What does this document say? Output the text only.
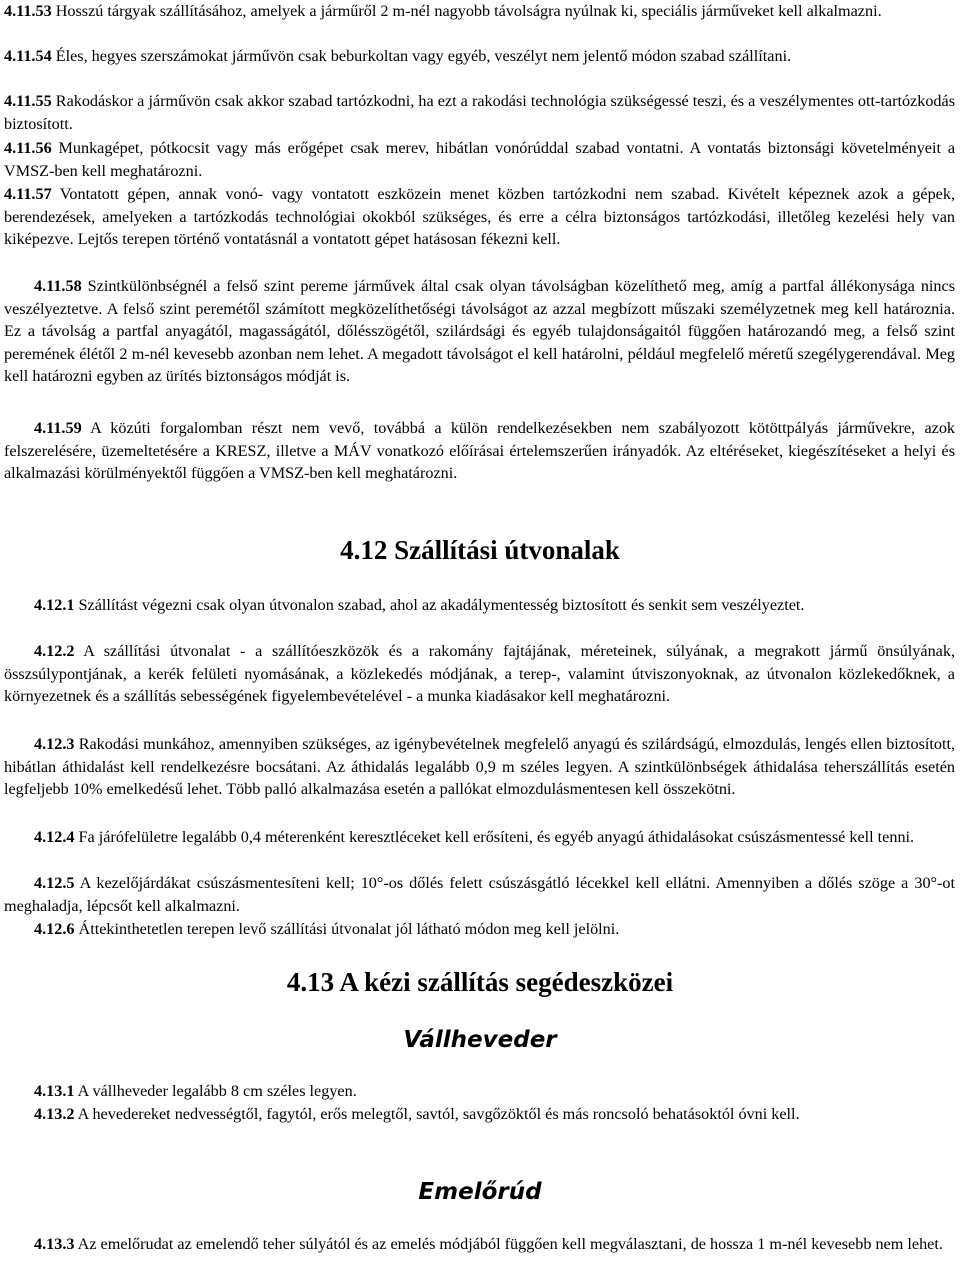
4.11.53 Hosszú tárgyak szállításához, amelyek a járműről 2 m-nél nagyobb távolságra nyúlnak ki, speciális járműveket kell alkalmazni.

4.11.54 Éles, hegyes szerszámokat járművön csak beburkoltan vagy egyéb, veszélyt nem jelentő módon szabad szállítani.

4.11.55 Rakodáskor a járművön csak akkor szabad tartózkodni, ha ezt a rakodási technológia szükségessé teszi, és a veszélymentes ott-tartózkodás biztosított.

4.11.56 Munkagépet, pótkocsit vagy más erőgépet csak merev, hibátlan vonórúddal szabad vontatni. A vontatás biztonsági követelményeit a VMSZ-ben kell meghatározni.

4.11.57 Vontatott gépen, annak vonó- vagy vontatott eszközein menet közben tartózkodni nem szabad. Kivételt képeznek azok a gépek, berendezések, amelyeken a tartózkodás technológiai okokból szükséges, és erre a célra biztonságos tartózkodási, illetőleg kezelési hely van kiképezve. Lejtős terepen történő vontatásnál a vontatott gépet hatásosan fékezni kell.

4.11.58 Szintkülönbségnél a felső szint pereme járművek által csak olyan távolságban közelíthető meg, amíg a partfal állékonysága nincs veszélyeztetve. A felső szint peremétől számított megközelíthetőségi távolságot az azzal megbízott műszaki személyzetnek meg kell határoznia. Ez a távolság a partfal anyagától, magasságától, dőlésszögétől, szilárdsági és egyéb tulajdonságaitól függően határozandó meg, a felső szint peremének élétől 2 m-nél kevesebb azonban nem lehet. A megadott távolságot el kell határolni, például megfelelő méretű szegélygerendával. Meg kell határozni egyben az ürítés biztonságos módját is.

4.11.59 A közúti forgalomban részt nem vevő, továbbá a külön rendelkezésekben nem szabályozott kötöttpályás járművekre, azok felszerelésére, üzemeltetésére a KRESZ, illetve a MÁV vonatkozó előírásai értelemszerűen irányadók. Az eltéréseket, kiegészítéseket a helyi és alkalmazási körülményektől függően a VMSZ-ben kell meghatározni.

4.12 Szállítási útvonalak

4.12.1 Szállítást végezni csak olyan útvonalon szabad, ahol az akadálymentesség biztosított és senkit sem veszélyeztet.

4.12.2 A szállítási útvonalat - a szállítóeszközök és a rakomány fajtájának, méreteinek, súlyának, a megrakott jármű önsúlyának, összsúlypontjának, a kerék felületi nyomásának, a közlekedés módjának, a terep-, valamint útviszonyoknak, az útvonalon közlekedőknek, a környezetnek és a szállítás sebességének figyelembevételével - a munka kiadásakor kell meghatározni.

4.12.3 Rakodási munkához, amennyiben szükséges, az igénybevételnek megfelelő anyagú és szilárdságú, elmozdulás, lengés ellen biztosított, hibátlan áthidalást kell rendelkezésre bocsátani. Az áthidalás legalább 0,9 m széles legyen. A szintkülönbségek áthidalása teherszállítás esetén legfeljebb 10% emelkedésű lehet. Több palló alkalmazása esetén a pallókat elmozdulásmentesen kell összekötni.

4.12.4 Fa járófelületre legalább 0,4 méterenként keresztléceket kell erősíteni, és egyéb anyagú áthidalásokat csúszásmentessé kell tenni.

4.12.5 A kezelőjárdákat csúszásmentesíteni kell; 10°-os dőlés felett csúszásgátló lécekkel kell ellátni. Amennyiben a dőlés szöge a 30°-ot meghaladja, lépcsőt kell alkalmazni.

4.12.6 Áttekinthetetlen terepen levő szállítási útvonalat jól látható módon meg kell jelölni.

4.13 A kézi szállítás segédeszközei
Vállheveder

4.13.1 A vállheveder legalább 8 cm széles legyen.

4.13.2 A hevedereket nedvességtől, fagytól, erős melegtől, savtól, savgőzöktől és más roncsoló behatásoktól óvni kell.

Emelőrúd

4.13.3 Az emelőrudat az emelendő teher súlyától és az emelés módjából függően kell megválasztani, de hossza 1 m-nél kevesebb nem lehet.
